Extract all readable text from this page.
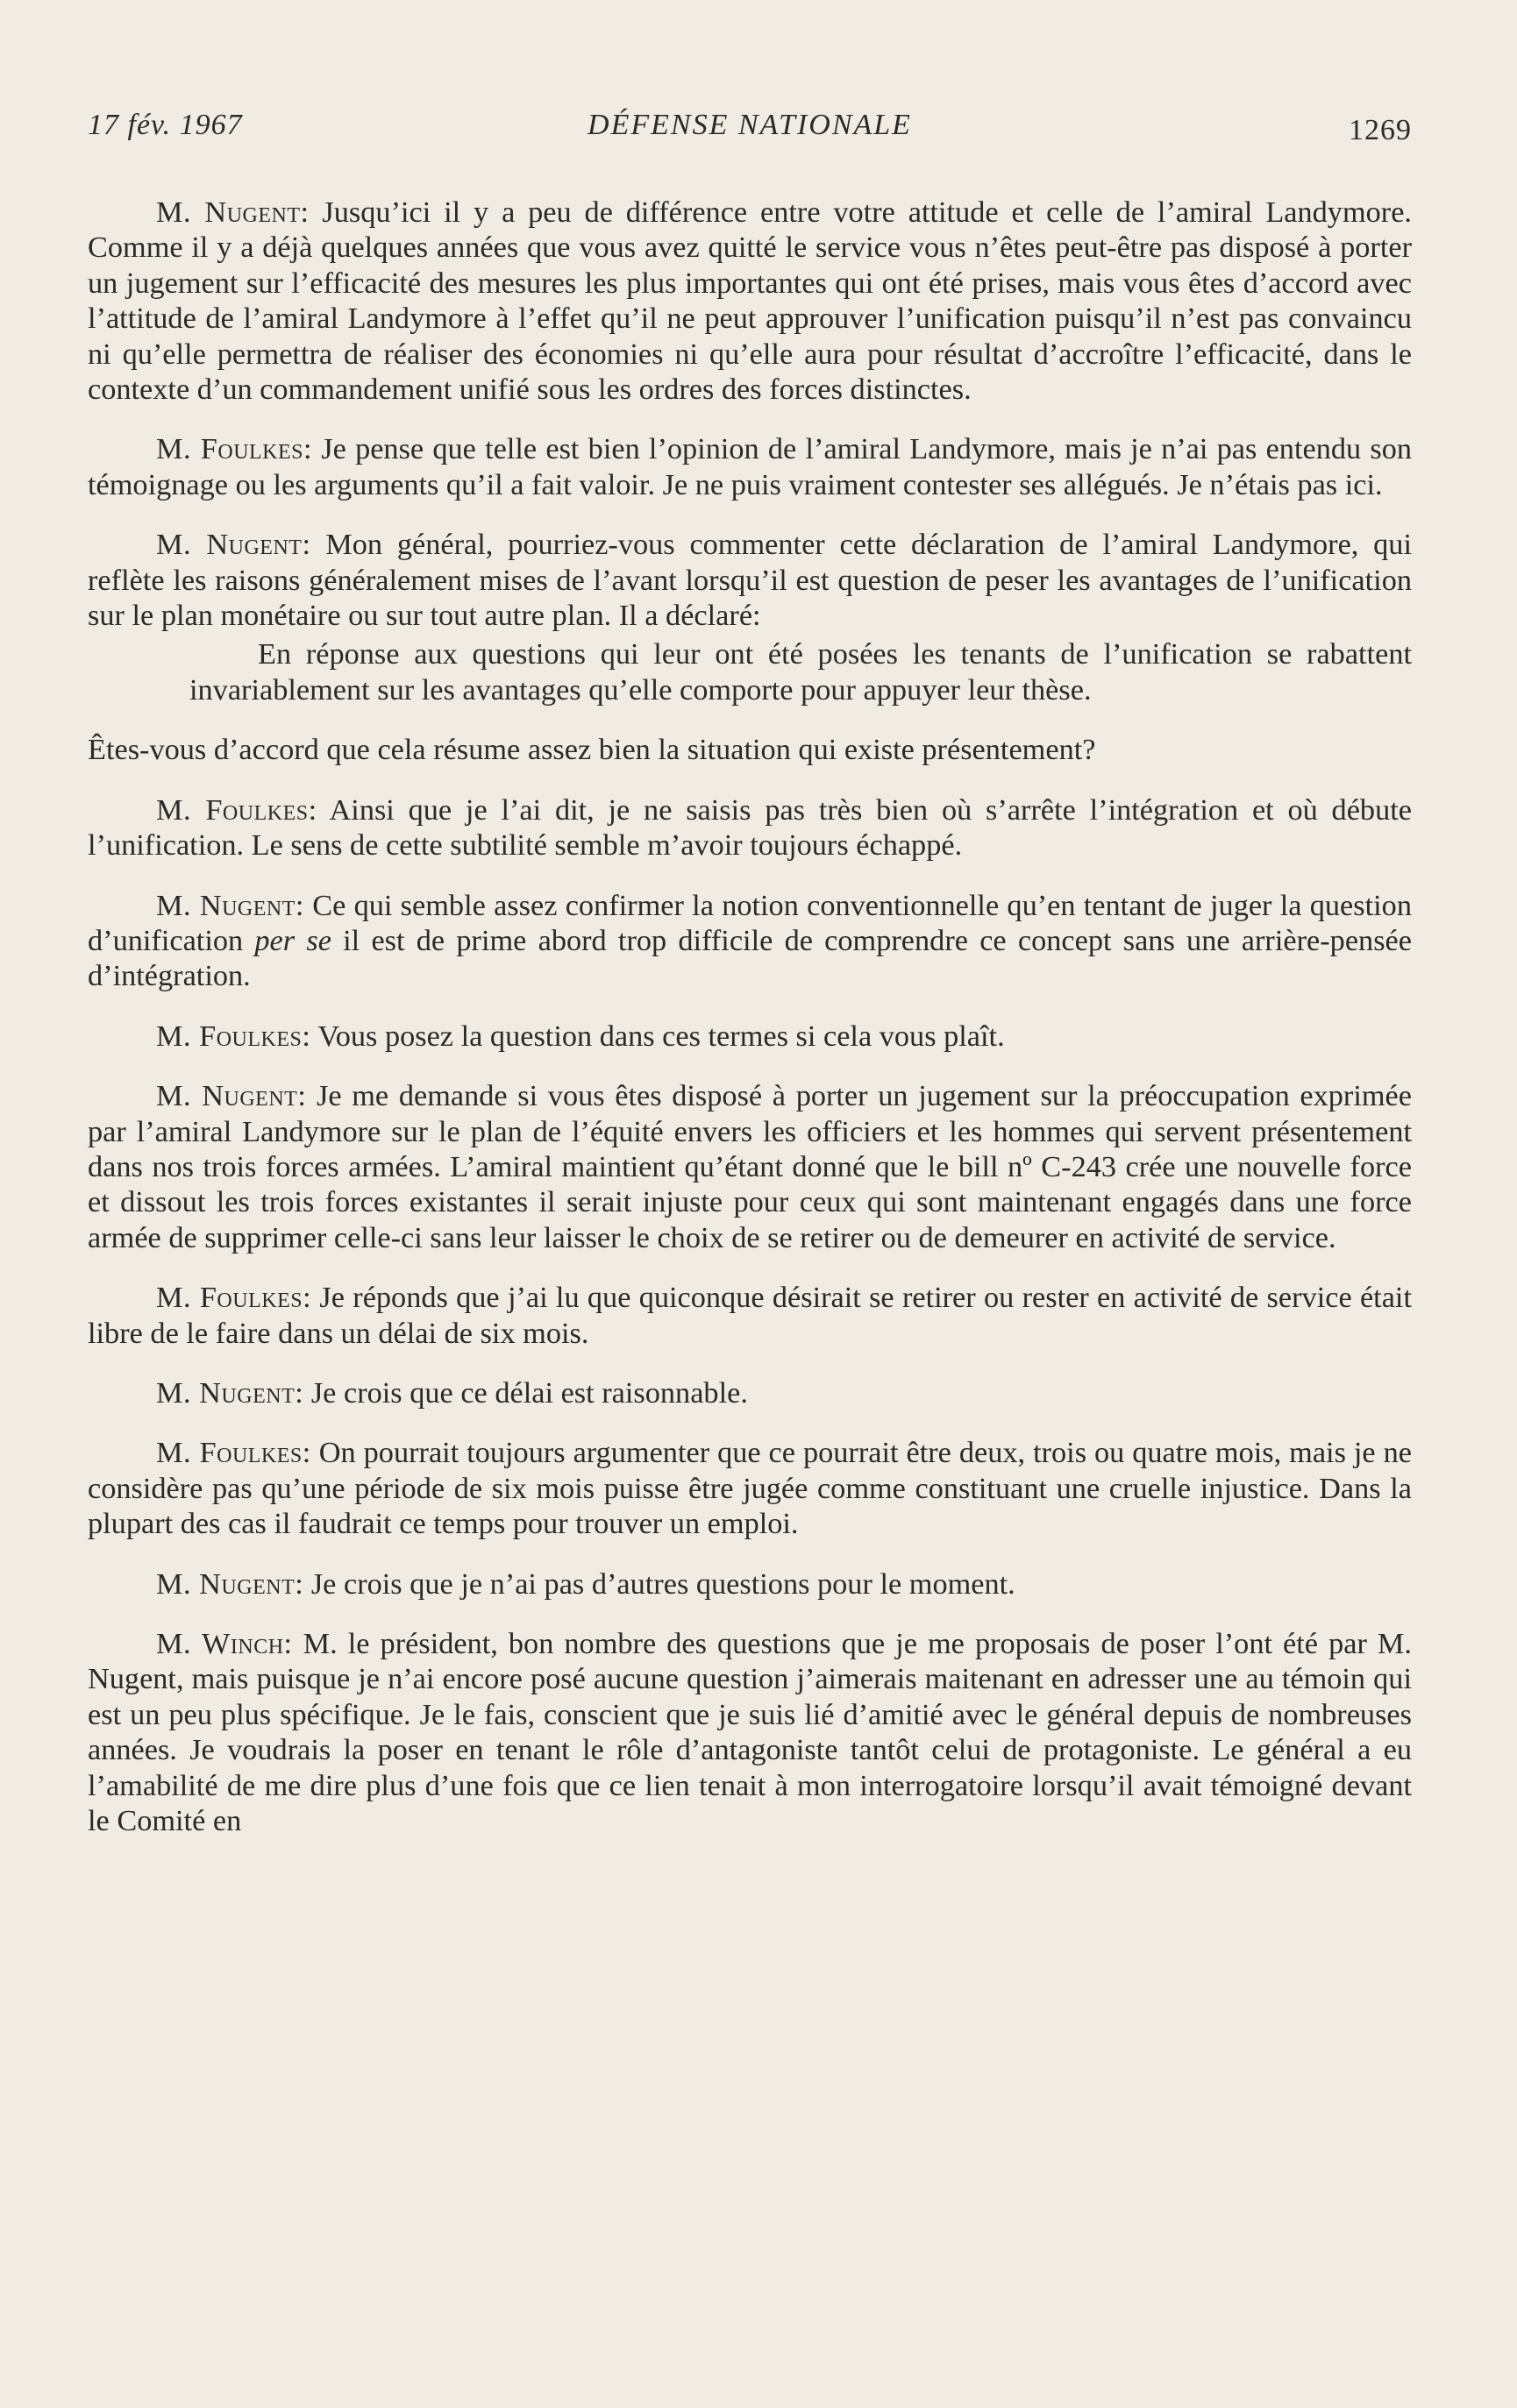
17 fév. 1967	DÉFENSE NATIONALE	1269

M. Nugent: Jusqu’ici il y a peu de différence entre votre attitude et celle de l’amiral Landymore. Comme il y a déjà quelques années que vous avez quitté le service vous n’êtes peut-être pas disposé à porter un jugement sur l’efficacité des mesures les plus importantes qui ont été prises, mais vous êtes d’accord avec l’attitude de l’amiral Landymore à l’effet qu’il ne peut approuver l’unification puisqu’il n’est pas convaincu ni qu’elle permettra de réaliser des économies ni qu’elle aura pour résultat d’accroître l’efficacité, dans le contexte d’un commandement unifié sous les ordres des forces distinctes.

M. Foulkes: Je pense que telle est bien l’opinion de l’amiral Landymore, mais je n’ai pas entendu son témoignage ou les arguments qu’il a fait valoir. Je ne puis vraiment contester ses allégués. Je n’étais pas ici.

M. Nugent: Mon général, pourriez-vous commenter cette déclaration de l’amiral Landymore, qui reflète les raisons généralement mises de l’avant lorsqu’il est question de peser les avantages de l’unification sur le plan monétaire ou sur tout autre plan. Il a déclaré:

En réponse aux questions qui leur ont été posées les tenants de l’unification se rabattent invariablement sur les avantages qu’elle comporte pour appuyer leur thèse.

Êtes-vous d’accord que cela résume assez bien la situation qui existe présentement?

M. Foulkes: Ainsi que je l’ai dit, je ne saisis pas très bien où s’arrête l’intégration et où débute l’unification. Le sens de cette subtilité semble m’avoir toujours échappé.

M. Nugent: Ce qui semble assez confirmer la notion conventionnelle qu’en tentant de juger la question d’unification per se il est de prime abord trop difficile de comprendre ce concept sans une arrière-pensée d’intégration.

M. Foulkes: Vous posez la question dans ces termes si cela vous plaît.

M. Nugent: Je me demande si vous êtes disposé à porter un jugement sur la préoccupation exprimée par l’amiral Landymore sur le plan de l’équité envers les officiers et les hommes qui servent présentement dans nos trois forces armées. L’amiral maintient qu’étant donné que le bill nº C-243 crée une nouvelle force et dissout les trois forces existantes il serait injuste pour ceux qui sont maintenant engagés dans une force armée de supprimer celle-ci sans leur laisser le choix de se retirer ou de demeurer en activité de service.

M. Foulkes: Je réponds que j’ai lu que quiconque désirait se retirer ou rester en activité de service était libre de le faire dans un délai de six mois.

M. Nugent: Je crois que ce délai est raisonnable.

M. Foulkes: On pourrait toujours argumenter que ce pourrait être deux, trois ou quatre mois, mais je ne considère pas qu’une période de six mois puisse être jugée comme constituant une cruelle injustice. Dans la plupart des cas il faudrait ce temps pour trouver un emploi.

M. Nugent: Je crois que je n’ai pas d’autres questions pour le moment.

M. Winch: M. le président, bon nombre des questions que je me proposais de poser l’ont été par M. Nugent, mais puisque je n’ai encore posé aucune question j’aimerais maitenant en adresser une au témoin qui est un peu plus spécifique. Je le fais, conscient que je suis lié d’amitié avec le général depuis de nombreuses années. Je voudrais la poser en tenant le rôle d’antagoniste tantôt celui de protagoniste. Le général a eu l’amabilité de me dire plus d’une fois que ce lien tenait à mon interrogatoire lorsqu’il avait témoigné devant le Comité en
